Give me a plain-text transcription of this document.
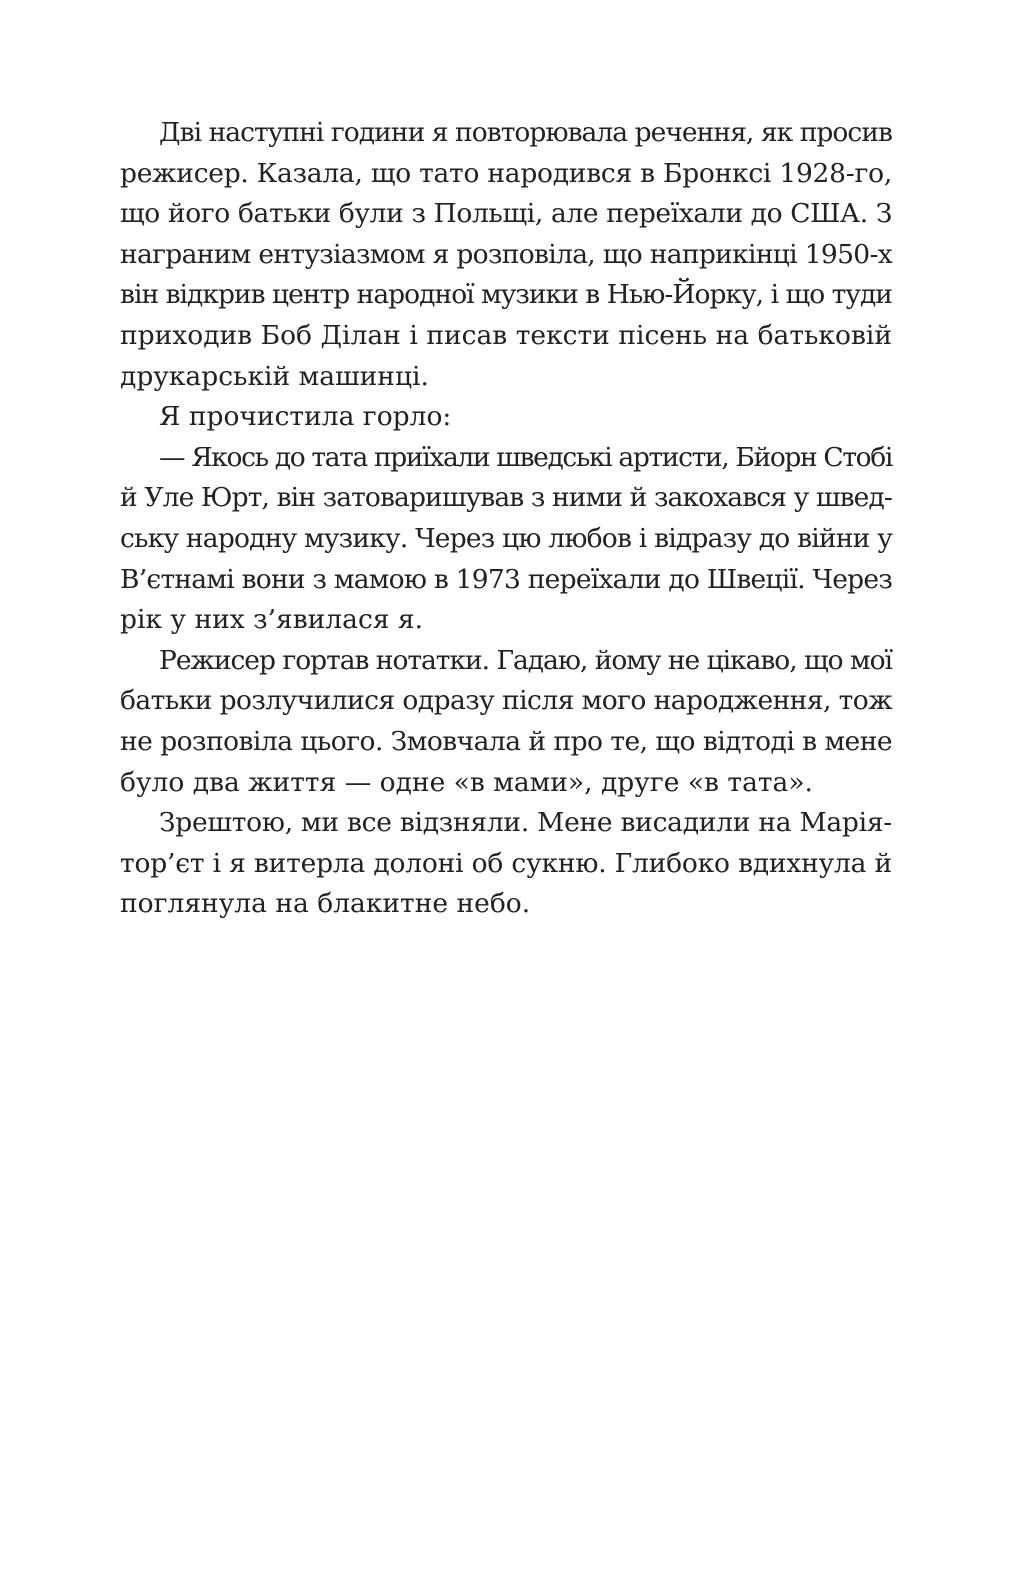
Дві наступні години я повторювала речення, як просив
режисер. Казала, що тато народився в Бронксі 1928-го,
що його батьки були з Польщі, але переїхали до США. З
награним ентузіазмом я розповіла, що наприкінці 1950-х
він відкрив центр народної музики в Нью-Йорку, і що туди
приходив Боб Ділан і писав тексти пісень на батьковій
друкарській машинці.
Я прочистила горло:
— Якось до тата приїхали шведські артисти, Бйорн Стобі
й Уле Юрт, він затоваришував з ними й закохався у швед-
ську народну музику. Через цю любов і відразу до війни у
В’єтнамі вони з мамою в 1973 переїхали до Швеції. Через
рік у них з’явилася я.
Режисер гортав нотатки. Гадаю, йому не цікаво, що мої
батьки розлучилися одразу після мого народження, тож
не розповіла цього. Змовчала й про те, що відтоді в мене
було два життя — одне «в мами», друге «в тата».
Зрештою, ми все відзняли. Мене висадили на Марія-
тор’єт і я витерла долоні об сукню. Глибоко вдихнула й
поглянула на блакитне небо.
